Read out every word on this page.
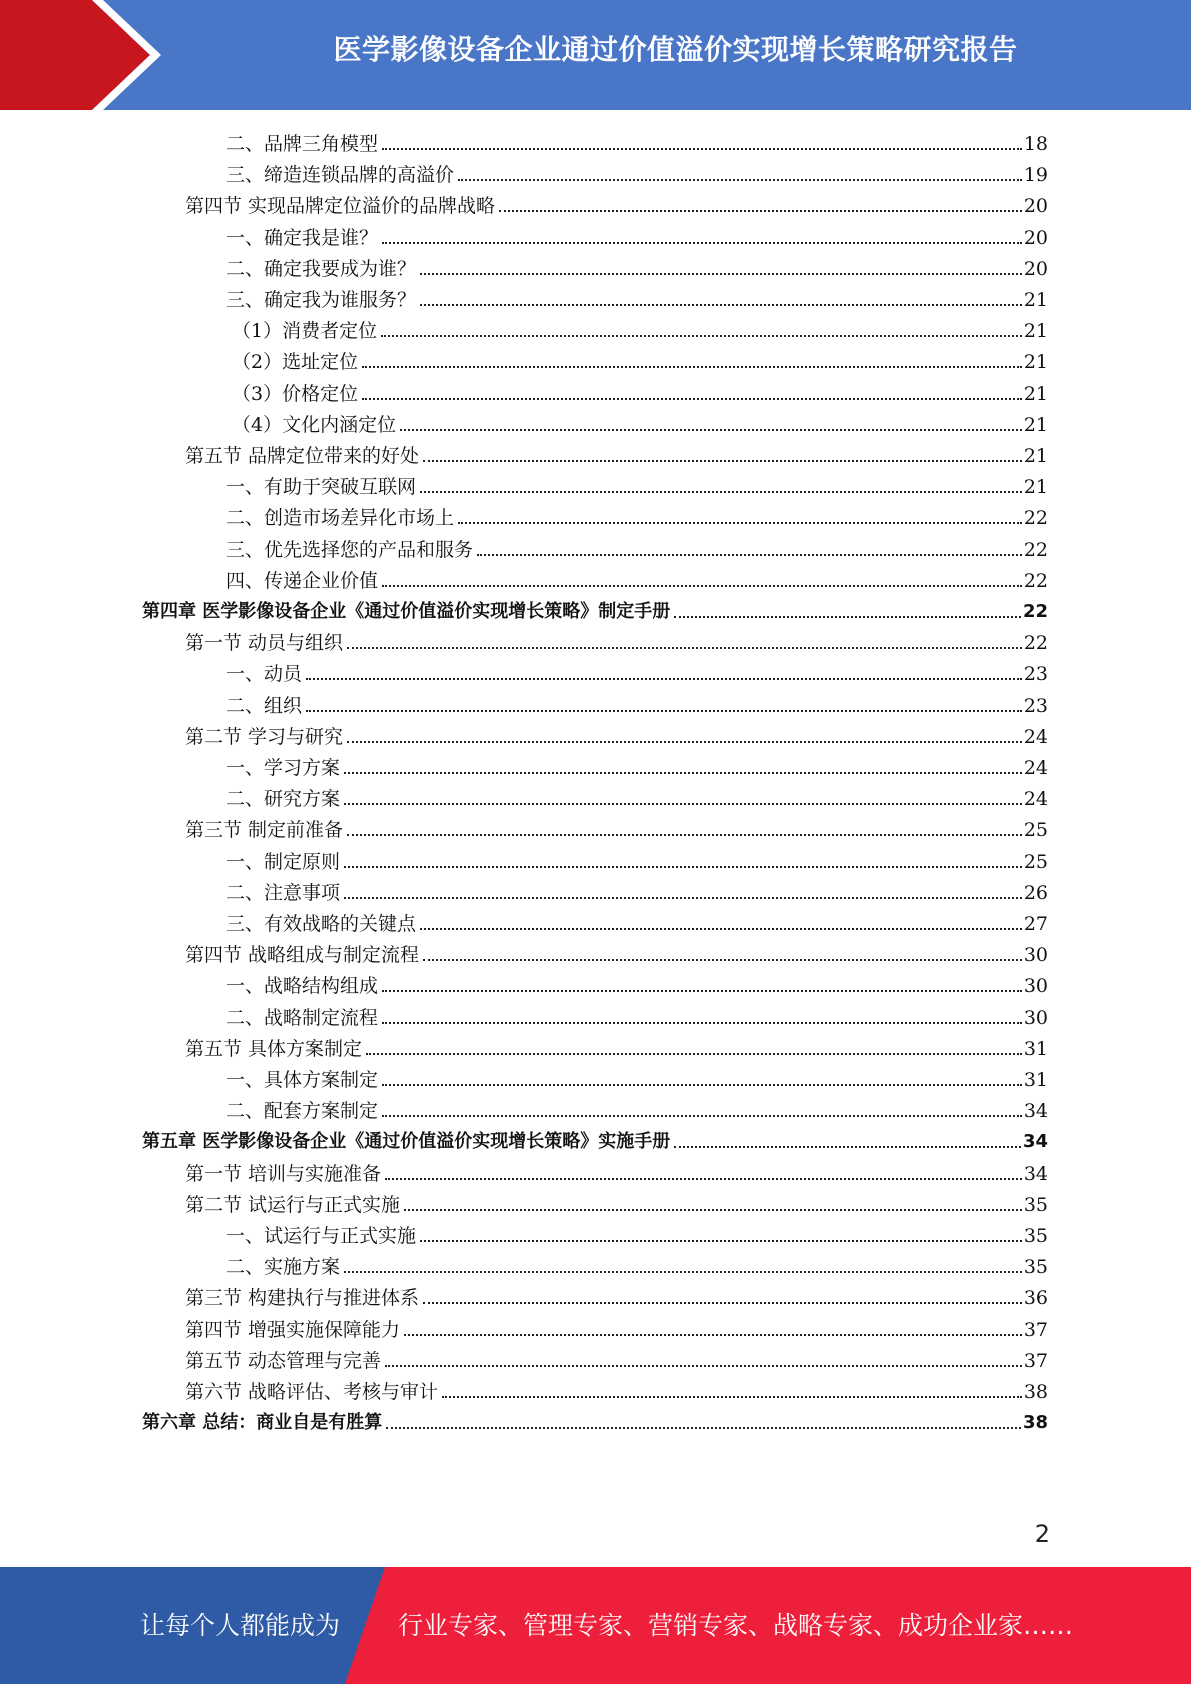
医学影像设备企业通过价值溢价实现增长策略研究报告
二、品牌三角模型	18
三、缔造连锁品牌的高溢价	19
第四节 实现品牌定位溢价的品牌战略	20
一、确定我是谁？	20
二、确定我要成为谁？	20
三、确定我为谁服务？	21
（1）消费者定位	21
（2）选址定位	21
（3）价格定位	21
（4）文化内涵定位	21
第五节 品牌定位带来的好处	21
一、有助于突破互联网	21
二、创造市场差异化市场上	22
三、优先选择您的产品和服务	22
四、传递企业价值	22
第四章 医学影像设备企业《通过价值溢价实现增长策略》制定手册	22
第一节 动员与组织	22
一、动员	23
二、组织	23
第二节 学习与研究	24
一、学习方案	24
二、研究方案	24
第三节 制定前准备	25
一、制定原则	25
二、注意事项	26
三、有效战略的关键点	27
第四节 战略组成与制定流程	30
一、战略结构组成	30
二、战略制定流程	30
第五节 具体方案制定	31
一、具体方案制定	31
二、配套方案制定	34
第五章 医学影像设备企业《通过价值溢价实现增长策略》实施手册	34
第一节 培训与实施准备	34
第二节 试运行与正式实施	35
一、试运行与正式实施	35
二、实施方案	35
第三节 构建执行与推进体系	36
第四节 增强实施保障能力	37
第五节 动态管理与完善	37
第六节 战略评估、考核与审计	38
第六章 总结：商业自是有胜算	38
2
让每个人都能成为 行业专家、管理专家、营销专家、战略专家、成功企业家……
